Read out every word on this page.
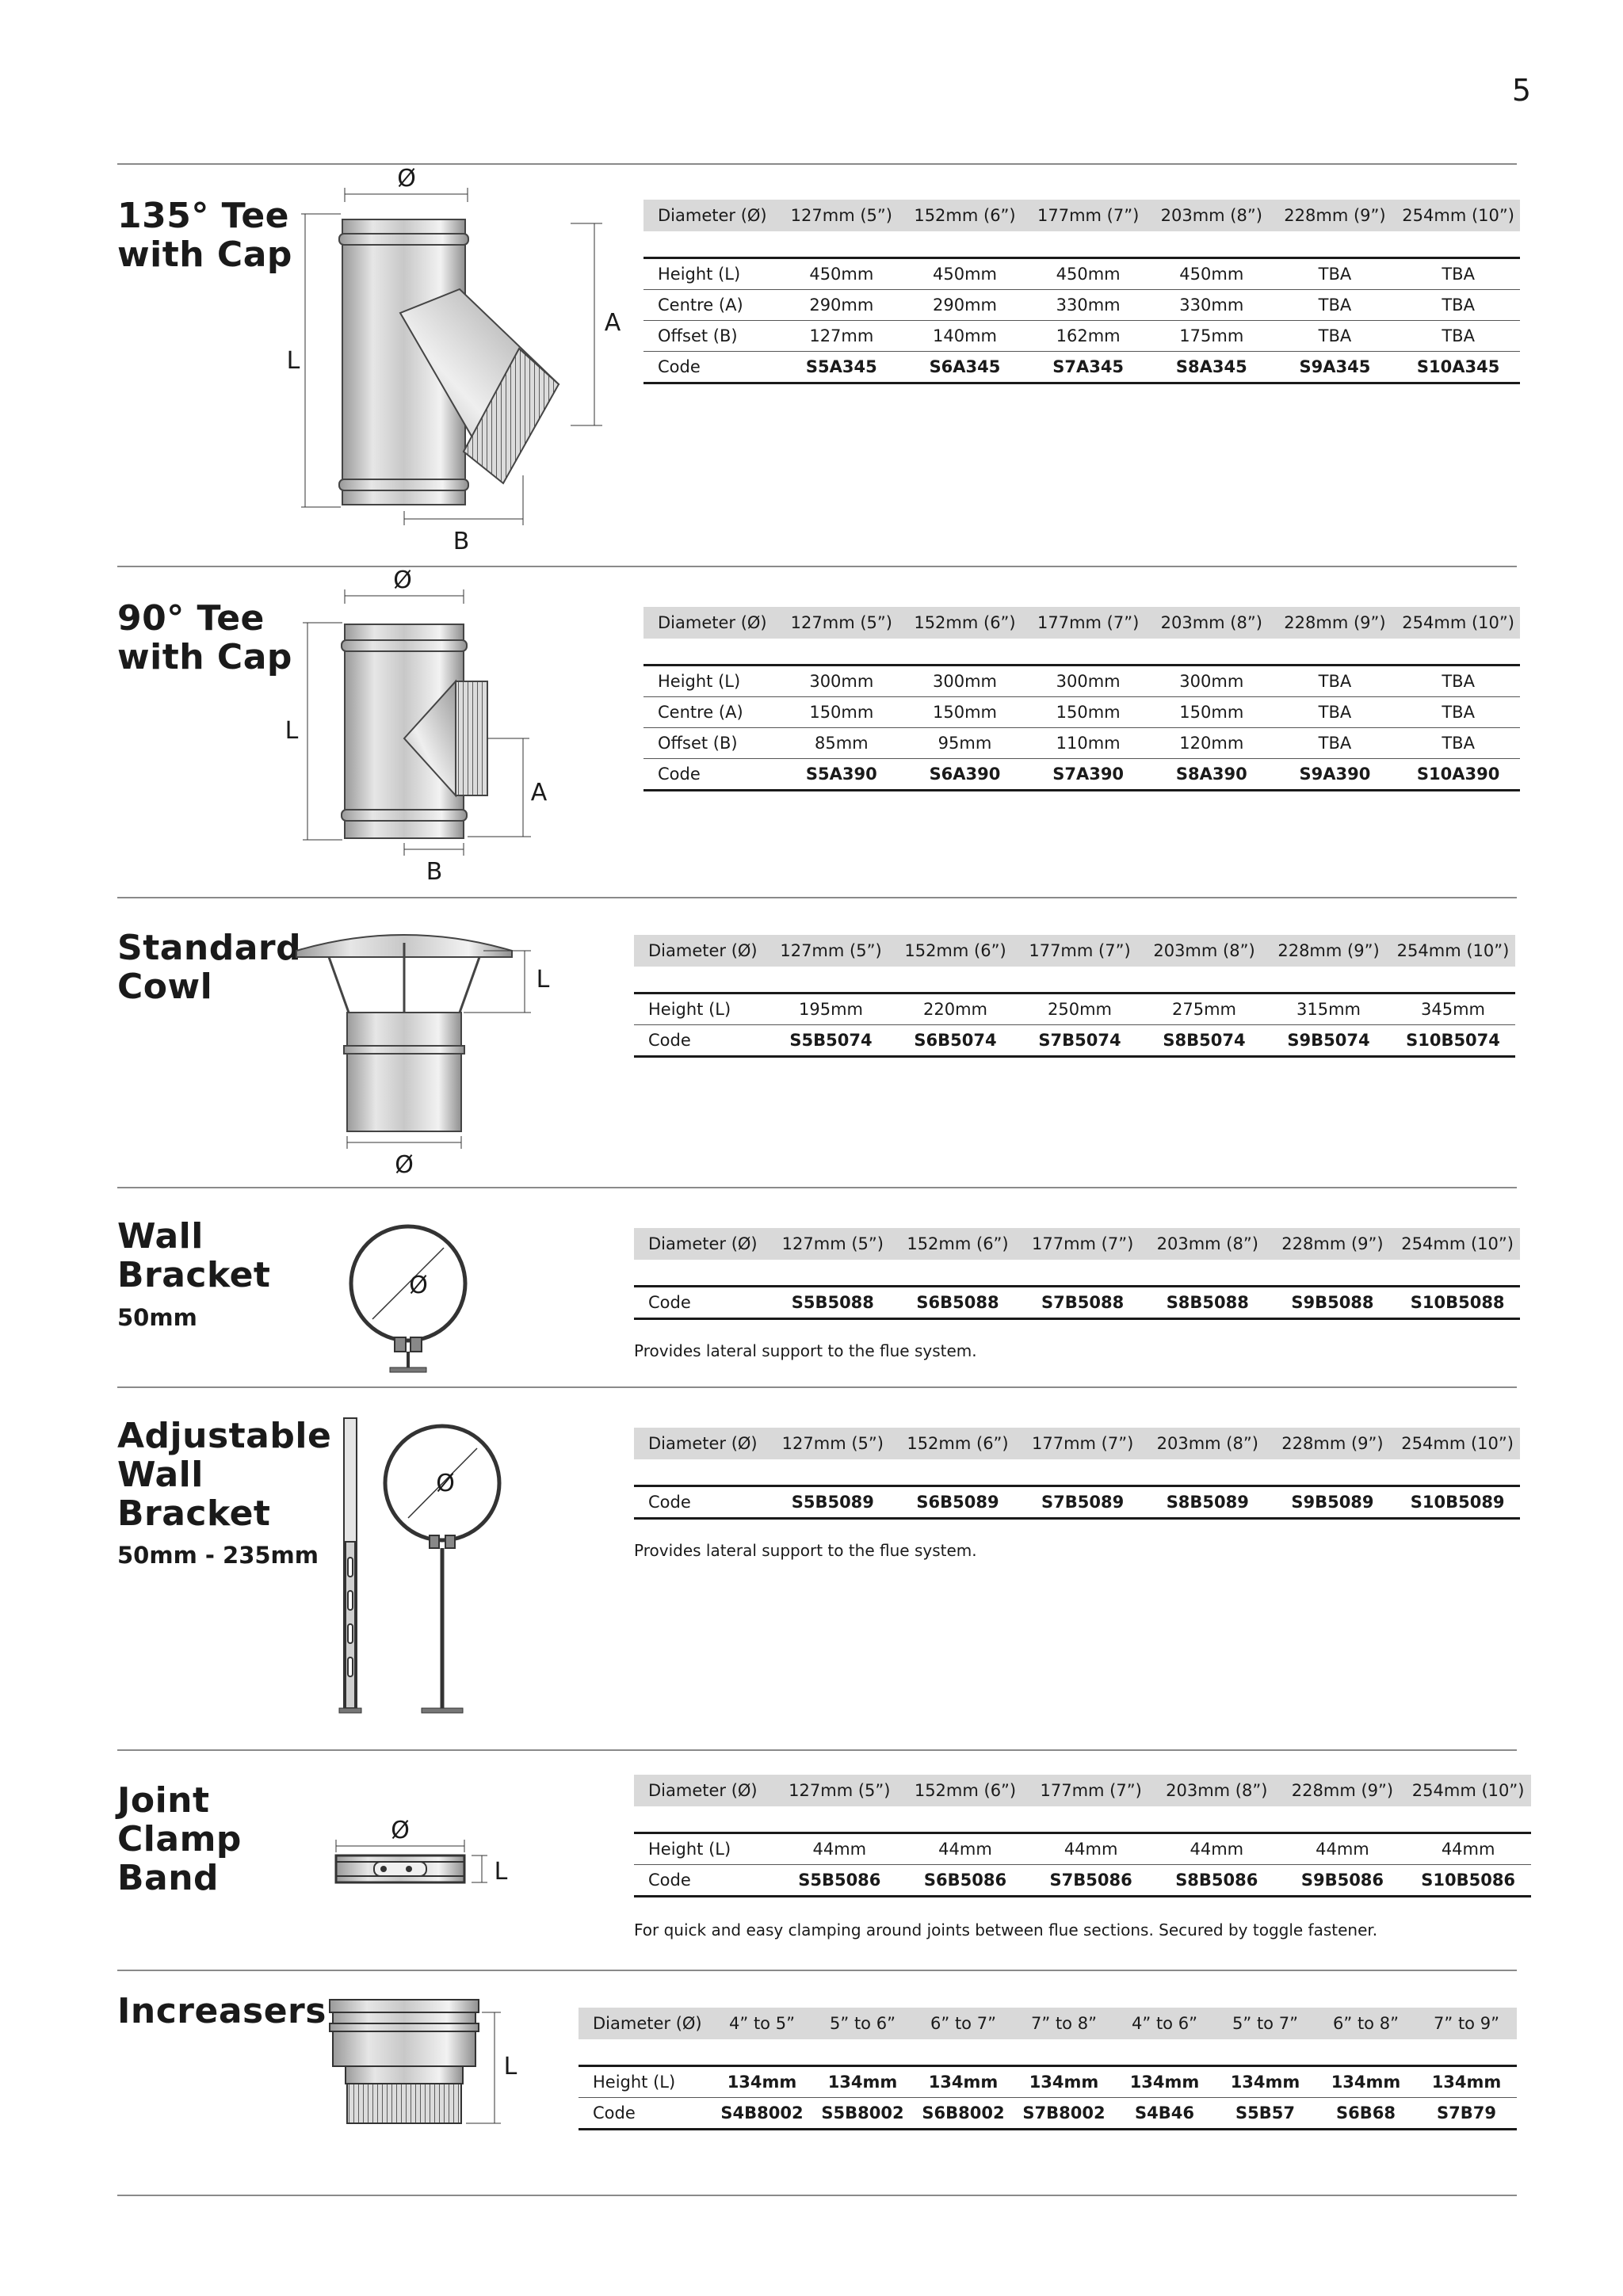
5
135° Tee
with Cap
Ø
L
A
B
Diameter (Ø)	127mm (5”)	152mm (6”)	177mm (7”)	203mm (8”)	228mm (9”)	254mm (10”)

Height (L)	450mm	450mm	450mm	450mm	TBA	TBA
Centre (A)	290mm	290mm	330mm	330mm	TBA	TBA
Offset (B)	127mm	140mm	162mm	175mm	TBA	TBA
Code	S5A345	S6A345	S7A345	S8A345	S9A345	S10A345
90° Tee
with Cap
Ø
L
A
B
Diameter (Ø)	127mm (5”)	152mm (6”)	177mm (7”)	203mm (8”)	228mm (9”)	254mm (10”)

Height (L)	300mm	300mm	300mm	300mm	TBA	TBA
Centre (A)	150mm	150mm	150mm	150mm	TBA	TBA
Offset (B)	85mm	95mm	110mm	120mm	TBA	TBA
Code	S5A390	S6A390	S7A390	S8A390	S9A390	S10A390
Standard
Cowl	L
Ø
Diameter (Ø)	127mm (5”)	152mm (6”)	177mm (7”)	203mm (8”)	228mm (9”)	254mm (10”)

Height (L)	195mm	220mm	250mm	275mm	315mm	345mm
Code	S5B5074	S6B5074	S7B5074	S8B5074	S9B5074	S10B5074
Wall
Bracket
50mm
Ø
Diameter (Ø)	127mm (5”)	152mm (6”)	177mm (7”)	203mm (8”)	228mm (9”)	254mm (10”)

Code	S5B5088	S6B5088	S7B5088	S8B5088	S9B5088	S10B5088
Provides lateral support to the flue system.
Adjustable
Wall
Bracket
50mm - 235mm
Ø
Diameter (Ø)	127mm (5”)	152mm (6”)	177mm (7”)	203mm (8”)	228mm (9”)	254mm (10”)

Code	S5B5089	S6B5089	S7B5089	S8B5089	S9B5089	S10B5089
Provides lateral support to the flue system.
Joint
Clamp
Band
Ø
L
Diameter (Ø)	127mm (5”)	152mm (6”)	177mm (7”)	203mm (8”)	228mm (9”)	254mm (10”)

Height (L)	44mm	44mm	44mm	44mm	44mm	44mm
Code	S5B5086	S6B5086	S7B5086	S8B5086	S9B5086	S10B5086
For quick and easy clamping around joints between flue sections. Secured by toggle fastener.
Increasers
L
Diameter (Ø)	4” to 5”	5” to 6”	6” to 7”	7” to 8”	4” to 6”	5” to 7”	6” to 8”	7” to 9”

Height (L)	134mm	134mm	134mm	134mm	134mm	134mm	134mm	134mm
Code	S4B8002	S5B8002	S6B8002	S7B8002	S4B46	S5B57	S6B68	S7B79
